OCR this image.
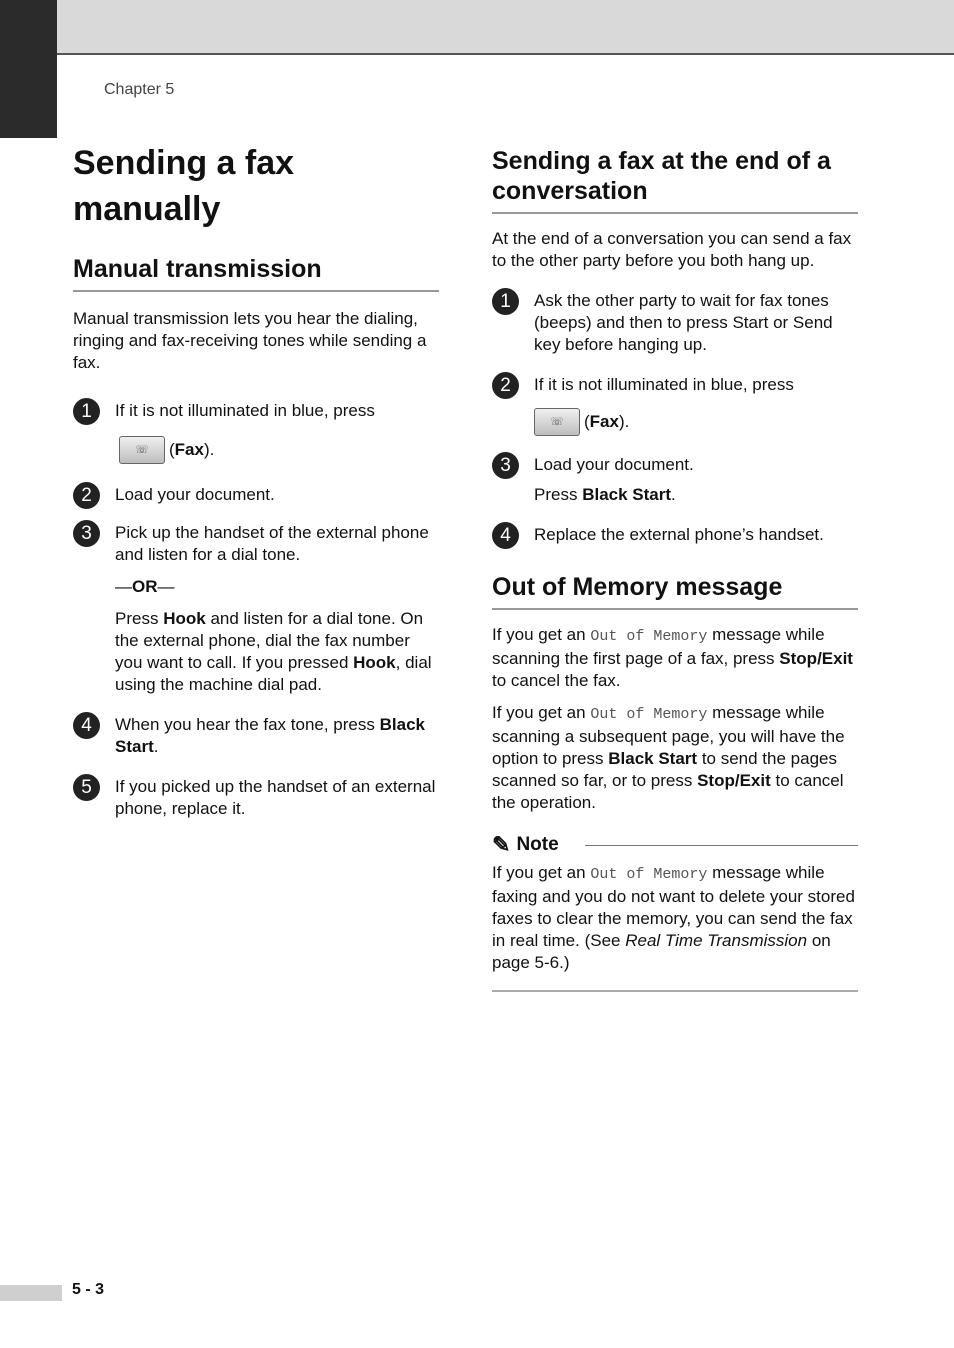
Chapter 5
Sending a fax manually
Manual transmission

Manual transmission lets you hear the dialing, ringing and fax-receiving tones while sending a fax.

1	If it is not illuminated in blue, press
☏ (Fax).
2	Load your document.
3	Pick up the handset of the external phone and listen for a dial tone.
—OR—
Press Hook and listen for a dial tone. On the external phone, dial the fax number you want to call. If you pressed Hook, dial using the machine dial pad.
4	When you hear the fax tone, press Black Start.
5	If you picked up the handset of an external phone, replace it.
Sending a fax at the end of a conversation

At the end of a conversation you can send a fax to the other party before you both hang up.

1	Ask the other party to wait for fax tones (beeps) and then to press Start or Send key before hanging up.
2	If it is not illuminated in blue, press
☏ (Fax).
3	Load your document.
Press Black Start.
4	Replace the external phone’s handset.
Out of Memory message

If you get an Out of Memory message while scanning the first page of a fax, press Stop/Exit to cancel the fax.

If you get an Out of Memory message while scanning a subsequent page, you will have the option to press Black Start to send the pages scanned so far, or to press Stop/Exit to cancel the operation.

✎ Note

If you get an Out of Memory message while faxing and you do not want to delete your stored faxes to clear the memory, you can send the fax in real time. (See Real Time Transmission on page 5-6.)

5 - 3
